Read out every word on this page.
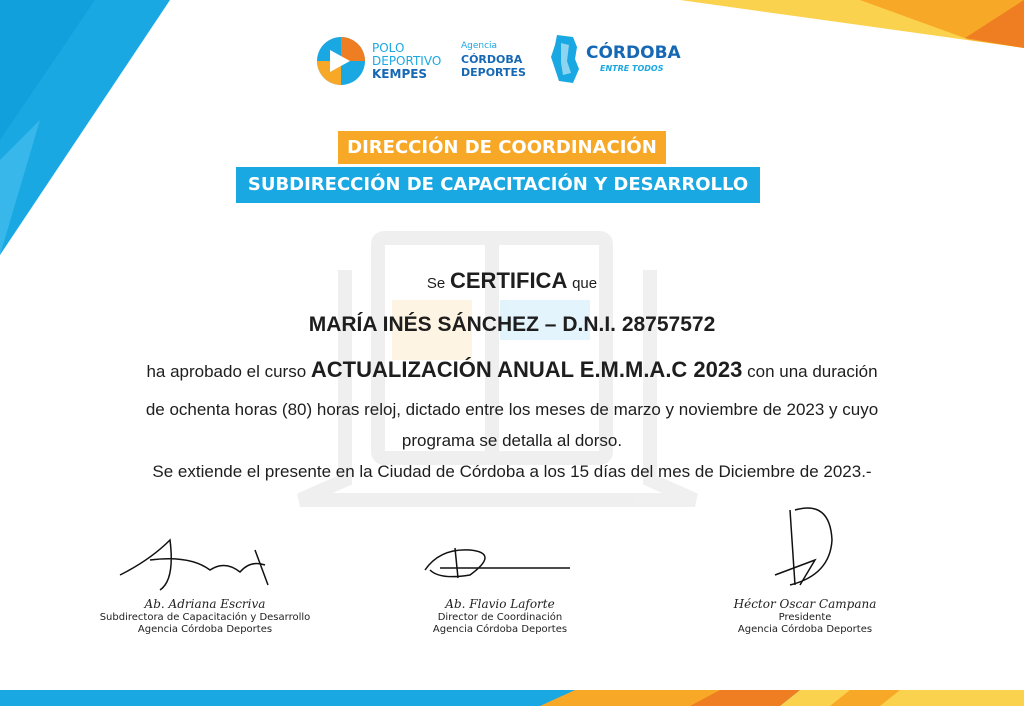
POLO
DEPORTIVO
KEMPES
Agencia
CÓRDOBA
DEPORTES
CÓRDOBA
ENTRE TODOS
DIRECCIÓN DE COORDINACIÓN
SUBDIRECCIÓN DE CAPACITACIÓN Y DESARROLLO
Se CERTIFICA que
MARÍA INÉS SÁNCHEZ – D.N.I. 28757572
ha aprobado el curso ACTUALIZACIÓN ANUAL E.M.M.A.C 2023 con una duración
de ochenta horas (80) horas reloj, dictado entre los meses de marzo y noviembre de 2023 y cuyo
programa se detalla al dorso.
Se extiende el presente en la Ciudad de Córdoba a los 15 días del mes de Diciembre de 2023.-
Ab. Adriana Escriva
Subdirectora de Capacitación y Desarrollo
Agencia Córdoba Deportes
Ab. Flavio Laforte
Director de Coordinación
Agencia Córdoba Deportes
Héctor Oscar Campana
Presidente
Agencia Córdoba Deportes
